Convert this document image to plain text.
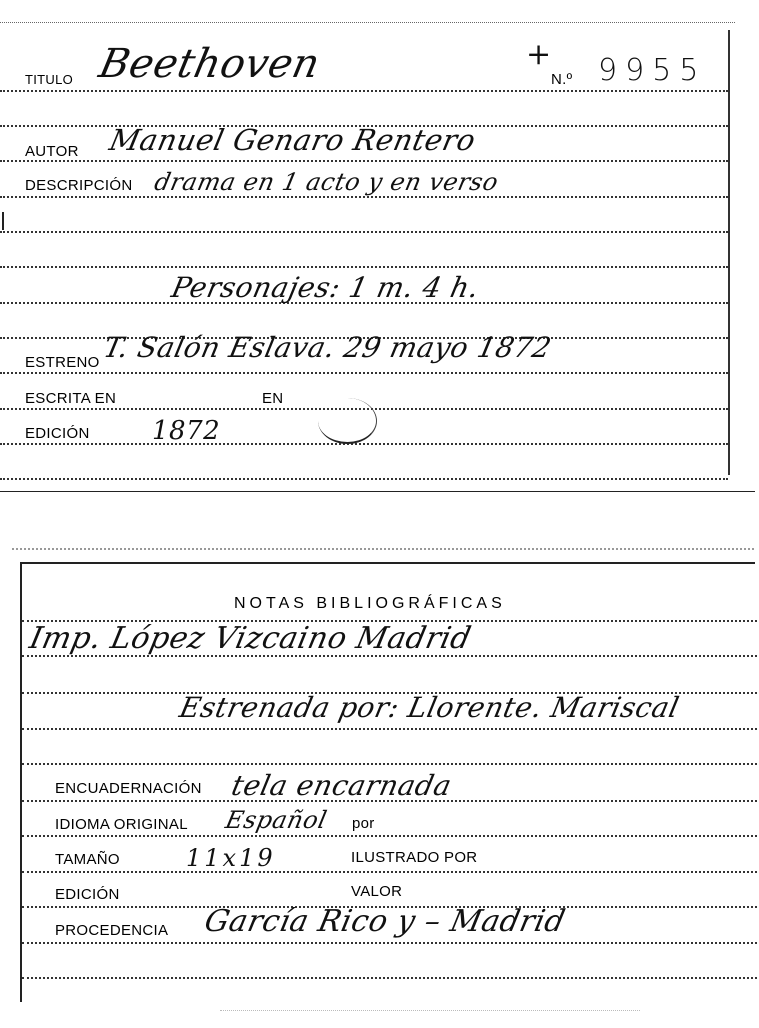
+
N.º 9955
TITULO Beethoven
AUTOR Manuel Genaro Rentero
DESCRIPCIÓN drama en 1 acto y en verso
Personajes: 1 m. 4 h.
ESTRENO T. Salón Eslava. 29 mayo 1872
ESCRITA EN	EN
EDICIÓN 1872
NOTAS BIBLIOGRÁFICAS
Imp. López Vizcaino Madrid
Estrenada por: Llorente. Mariscal
ENCUADERNACIÓN tela encarnada
IDIOMA ORIGINAL Español por
TAMAÑO	11x19	ILUSTRADO POR
EDICIÓN	VALOR
PROCEDENCIA García Rico y – Madrid
